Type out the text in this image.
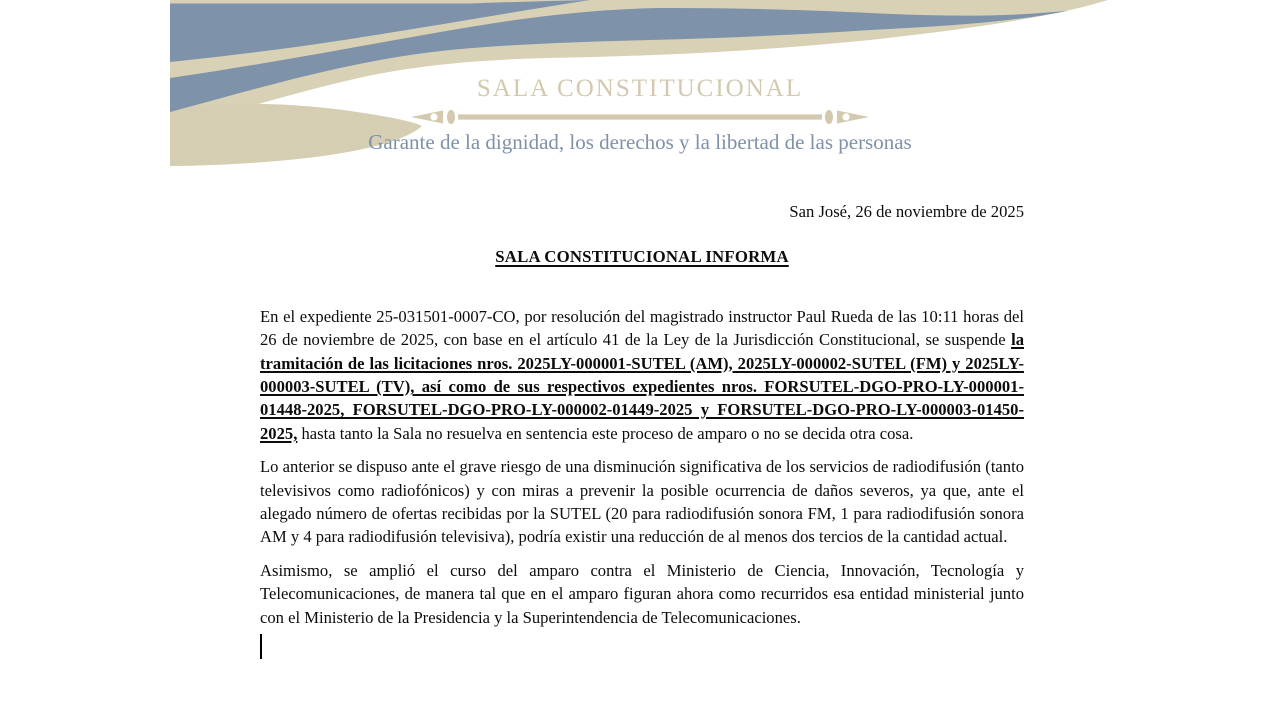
SALA CONSTITUCIONAL
Garante de la dignidad, los derechos y la libertad de las personas

San José, 26 de noviembre de 2025

SALA CONSTITUCIONAL INFORMA

En el expediente 25-031501-0007-CO, por resolución del magistrado instructor Paul Rueda de las 10:11 horas del 26 de noviembre de 2025, con base en el artículo 41 de la Ley de la Jurisdicción Constitucional, se suspende la tramitación de las licitaciones nros. 2025LY-000001-SUTEL (AM), 2025LY-000002-SUTEL (FM) y 2025LY-000003-SUTEL (TV), así como de sus respectivos expedientes nros. FORSUTEL-DGO-PRO-LY-000001-01448-2025, FORSUTEL-DGO-PRO-LY-000002-01449-2025 y FORSUTEL-DGO-PRO-LY-000003-01450-2025, hasta tanto la Sala no resuelva en sentencia este proceso de amparo o no se decida otra cosa.

Lo anterior se dispuso ante el grave riesgo de una disminución significativa de los servicios de radiodifusión (tanto televisivos como radiofónicos) y con miras a prevenir la posible ocurrencia de daños severos, ya que, ante el alegado número de ofertas recibidas por la SUTEL (20 para radiodifusión sonora FM, 1 para radiodifusión sonora AM y 4 para radiodifusión televisiva), podría existir una reducción de al menos dos tercios de la cantidad actual.

Asimismo, se amplió el curso del amparo contra el Ministerio de Ciencia, Innovación, Tecnología y Telecomunicaciones, de manera tal que en el amparo figuran ahora como recurridos esa entidad ministerial junto con el Ministerio de la Presidencia y la Superintendencia de Telecomunicaciones.
